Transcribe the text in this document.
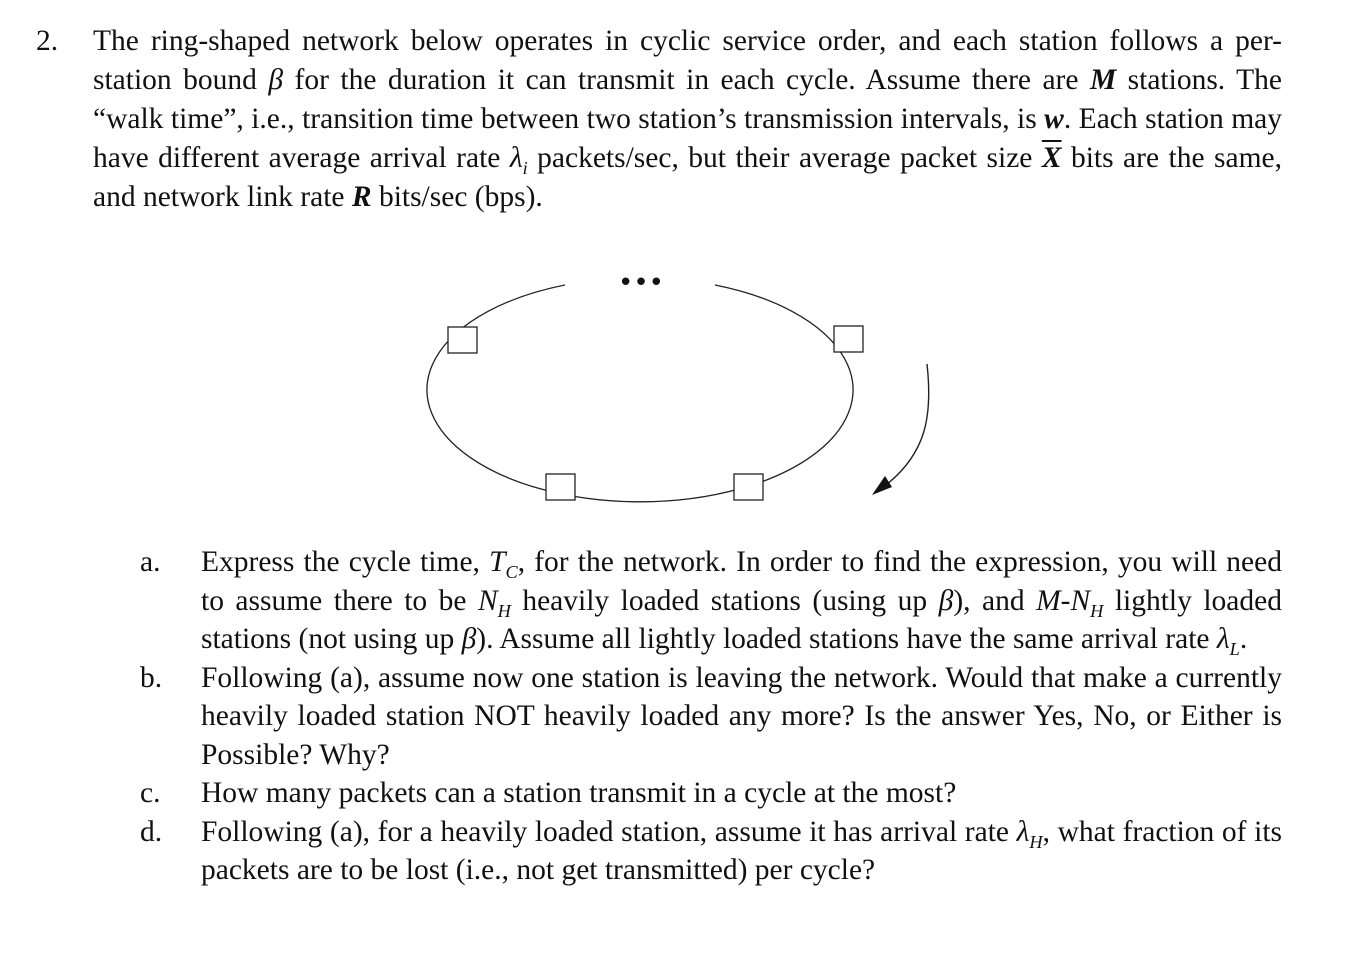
2.	The ring-shaped network below operates in cyclic service order, and each station follows a per-station bound β for the duration it can transmit in each cycle. Assume there are M stations. The “walk time”, i.e., transition time between two station’s transmission intervals, is w. Each station may have different average arrival rate $\lambda_i$ packets/sec, but their average packet size $\overline{X}$ bits are the same, and network link rate R bits/sec (bps).
•••
a. Express the cycle time, $T_C$, for the network. In order to find the expression, you will need to assume there to be $N_H$ heavily loaded stations (using up β), and $M-N_H$ lightly loaded stations (not using up β). Assume all lightly loaded stations have the same arrival rate $\lambda_L$.
b. Following (a), assume now one station is leaving the network. Would that make a currently heavily loaded station NOT heavily loaded any more? Is the answer Yes, No, or Either is Possible? Why?
c. How many packets can a station transmit in a cycle at the most?
d. Following (a), for a heavily loaded station, assume it has arrival rate $\lambda_H$, what fraction of its packets are to be lost (i.e., not get transmitted) per cycle?
